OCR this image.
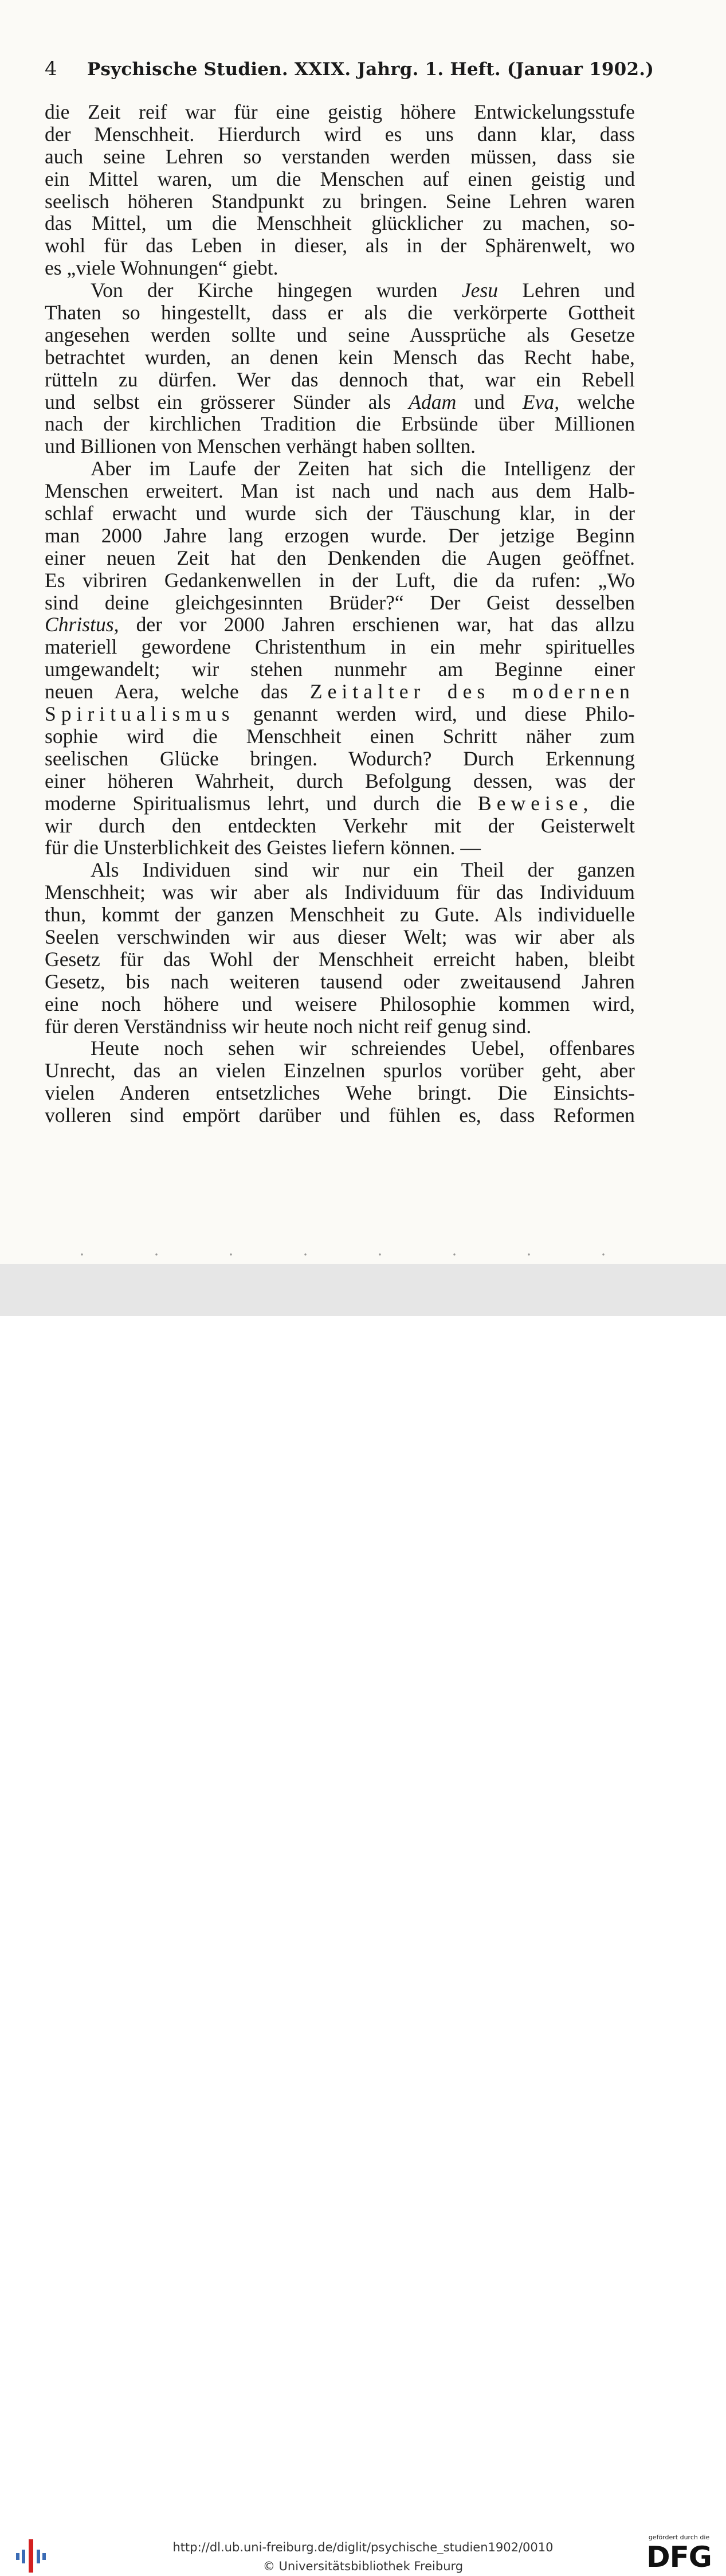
4 Psychische Studien. XXIX. Jahrg. 1. Heft. (Januar 1902.)
die Zeit reif war für eine geistig höhere Entwickelungsstufe
der Menschheit. Hierdurch wird es uns dann klar, dass
auch seine Lehren so verstanden werden müssen, dass sie
ein Mittel waren, um die Menschen auf einen geistig und
seelisch höheren Standpunkt zu bringen. Seine Lehren waren
das Mittel, um die Menschheit glücklicher zu machen, so-
wohl für das Leben in dieser, als in der Sphärenwelt, wo
es „viele Wohnungen“ giebt.
Von der Kirche hingegen wurden Jesu Lehren und
Thaten so hingestellt, dass er als die verkörperte Gottheit
angesehen werden sollte und seine Aussprüche als Gesetze
betrachtet wurden, an denen kein Mensch das Recht habe,
rütteln zu dürfen. Wer das dennoch that, war ein Rebell
und selbst ein grösserer Sünder als Adam und Eva, welche
nach der kirchlichen Tradition die Erbsünde über Millionen
und Billionen von Menschen verhängt haben sollten.
Aber im Laufe der Zeiten hat sich die Intelligenz der
Menschen erweitert. Man ist nach und nach aus dem Halb-
schlaf erwacht und wurde sich der Täuschung klar, in der
man 2000 Jahre lang erzogen wurde. Der jetzige Beginn
einer neuen Zeit hat den Denkenden die Augen geöffnet.
Es vibriren Gedankenwellen in der Luft, die da rufen: „Wo
sind deine gleichgesinnten Brüder?“ Der Geist desselben
Christus, der vor 2000 Jahren erschienen war, hat das allzu
materiell gewordene Christenthum in ein mehr spirituelles
umgewandelt; wir stehen nunmehr am Beginne einer
neuen Aera, welche das Zeitalter des modernen
Spiritualismus genannt werden wird, und diese Philo-
sophie wird die Menschheit einen Schritt näher zum
seelischen Glücke bringen. Wodurch? Durch Erkennung
einer höheren Wahrheit, durch Befolgung dessen, was der
moderne Spiritualismus lehrt, und durch die Beweise, die
wir durch den entdeckten Verkehr mit der Geisterwelt
für die Unsterblichkeit des Geistes liefern können. —
Als Individuen sind wir nur ein Theil der ganzen
Menschheit; was wir aber als Individuum für das Individuum
thun, kommt der ganzen Menschheit zu Gute. Als individuelle
Seelen verschwinden wir aus dieser Welt; was wir aber als
Gesetz für das Wohl der Menschheit erreicht haben, bleibt
Gesetz, bis nach weiteren tausend oder zweitausend Jahren
eine noch höhere und weisere Philosophie kommen wird,
für deren Verständniss wir heute noch nicht reif genug sind.
Heute noch sehen wir schreiendes Uebel, offenbares
Unrecht, das an vielen Einzelnen spurlos vorüber geht, aber
vielen Anderen entsetzliches Wehe bringt. Die Einsichts-
volleren sind empört darüber und fühlen es, dass Reformen
http://dl.ub.uni-freiburg.de/diglit/psychische_studien1902/0010
© Universitätsbibliothek Freiburg
gefördert durch die
DFG
